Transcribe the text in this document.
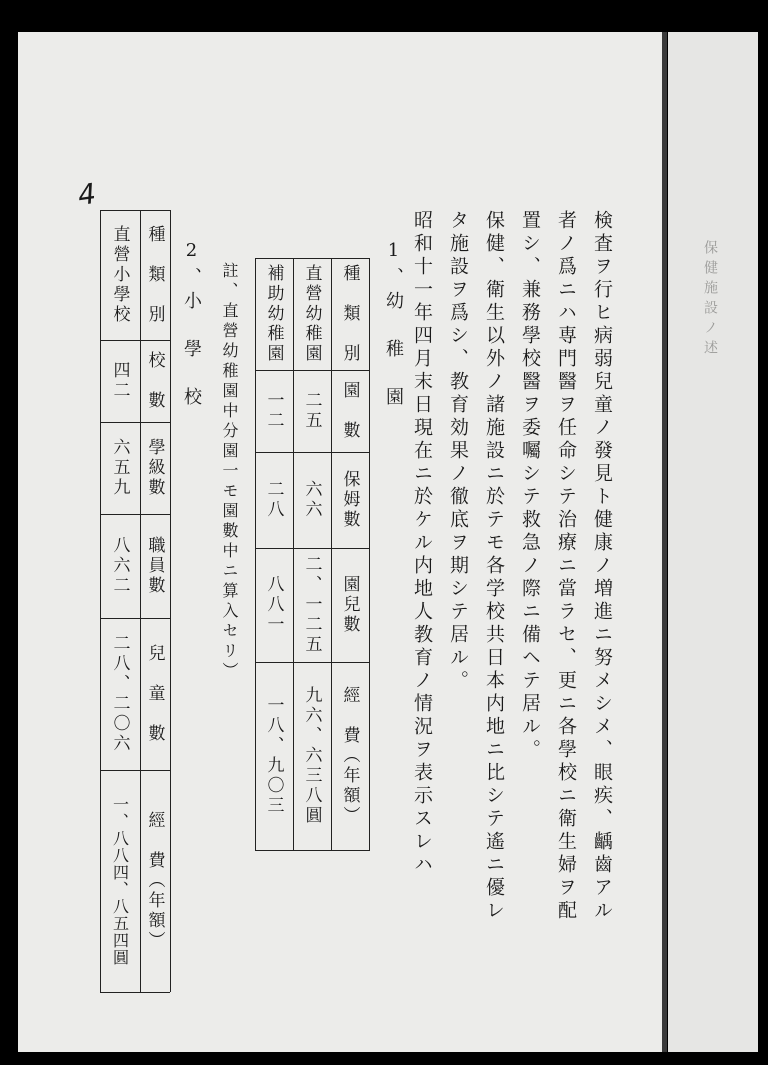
保健施設ノ述
4
検査ヲ行ヒ病弱兒童ノ發見ト健康ノ増進ニ努メシメ、眼疾、齲齒アル
者ノ爲ニハ専門醫ヲ任命シテ治療ニ當ラセ、更ニ各學校ニ衛生婦ヲ配
置シ、兼務學校醫ヲ委囑シテ救急ノ際ニ備ヘテ居ル。
保健、衛生以外ノ諸施設ニ於テモ各学校共日本内地ニ比シテ遙ニ優レ
タ施設ヲ爲シ、教育効果ノ徹底ヲ期シテ居ル。
昭和十一年四月末日現在ニ於ケル内地人教育ノ情況ヲ表示スレハ
1、幼　稚　園
種　類　別
園　數
保姆數
園兒數
經　費（年額）
直營幼稚園
二五
六六
二、一二五
九六、六三八圓
補助幼稚園
一二
二八
八八一
一八、九〇三
註、直營幼稚園中分園一モ園數中ニ算入セリ）
2、小　學　校
種　類　別
校　數
學級數
職員數
兒　童　數
經　費（年額）
直營小學校
四二
六五九
八六二
二八、二〇六
一、八八四、八五四圓
